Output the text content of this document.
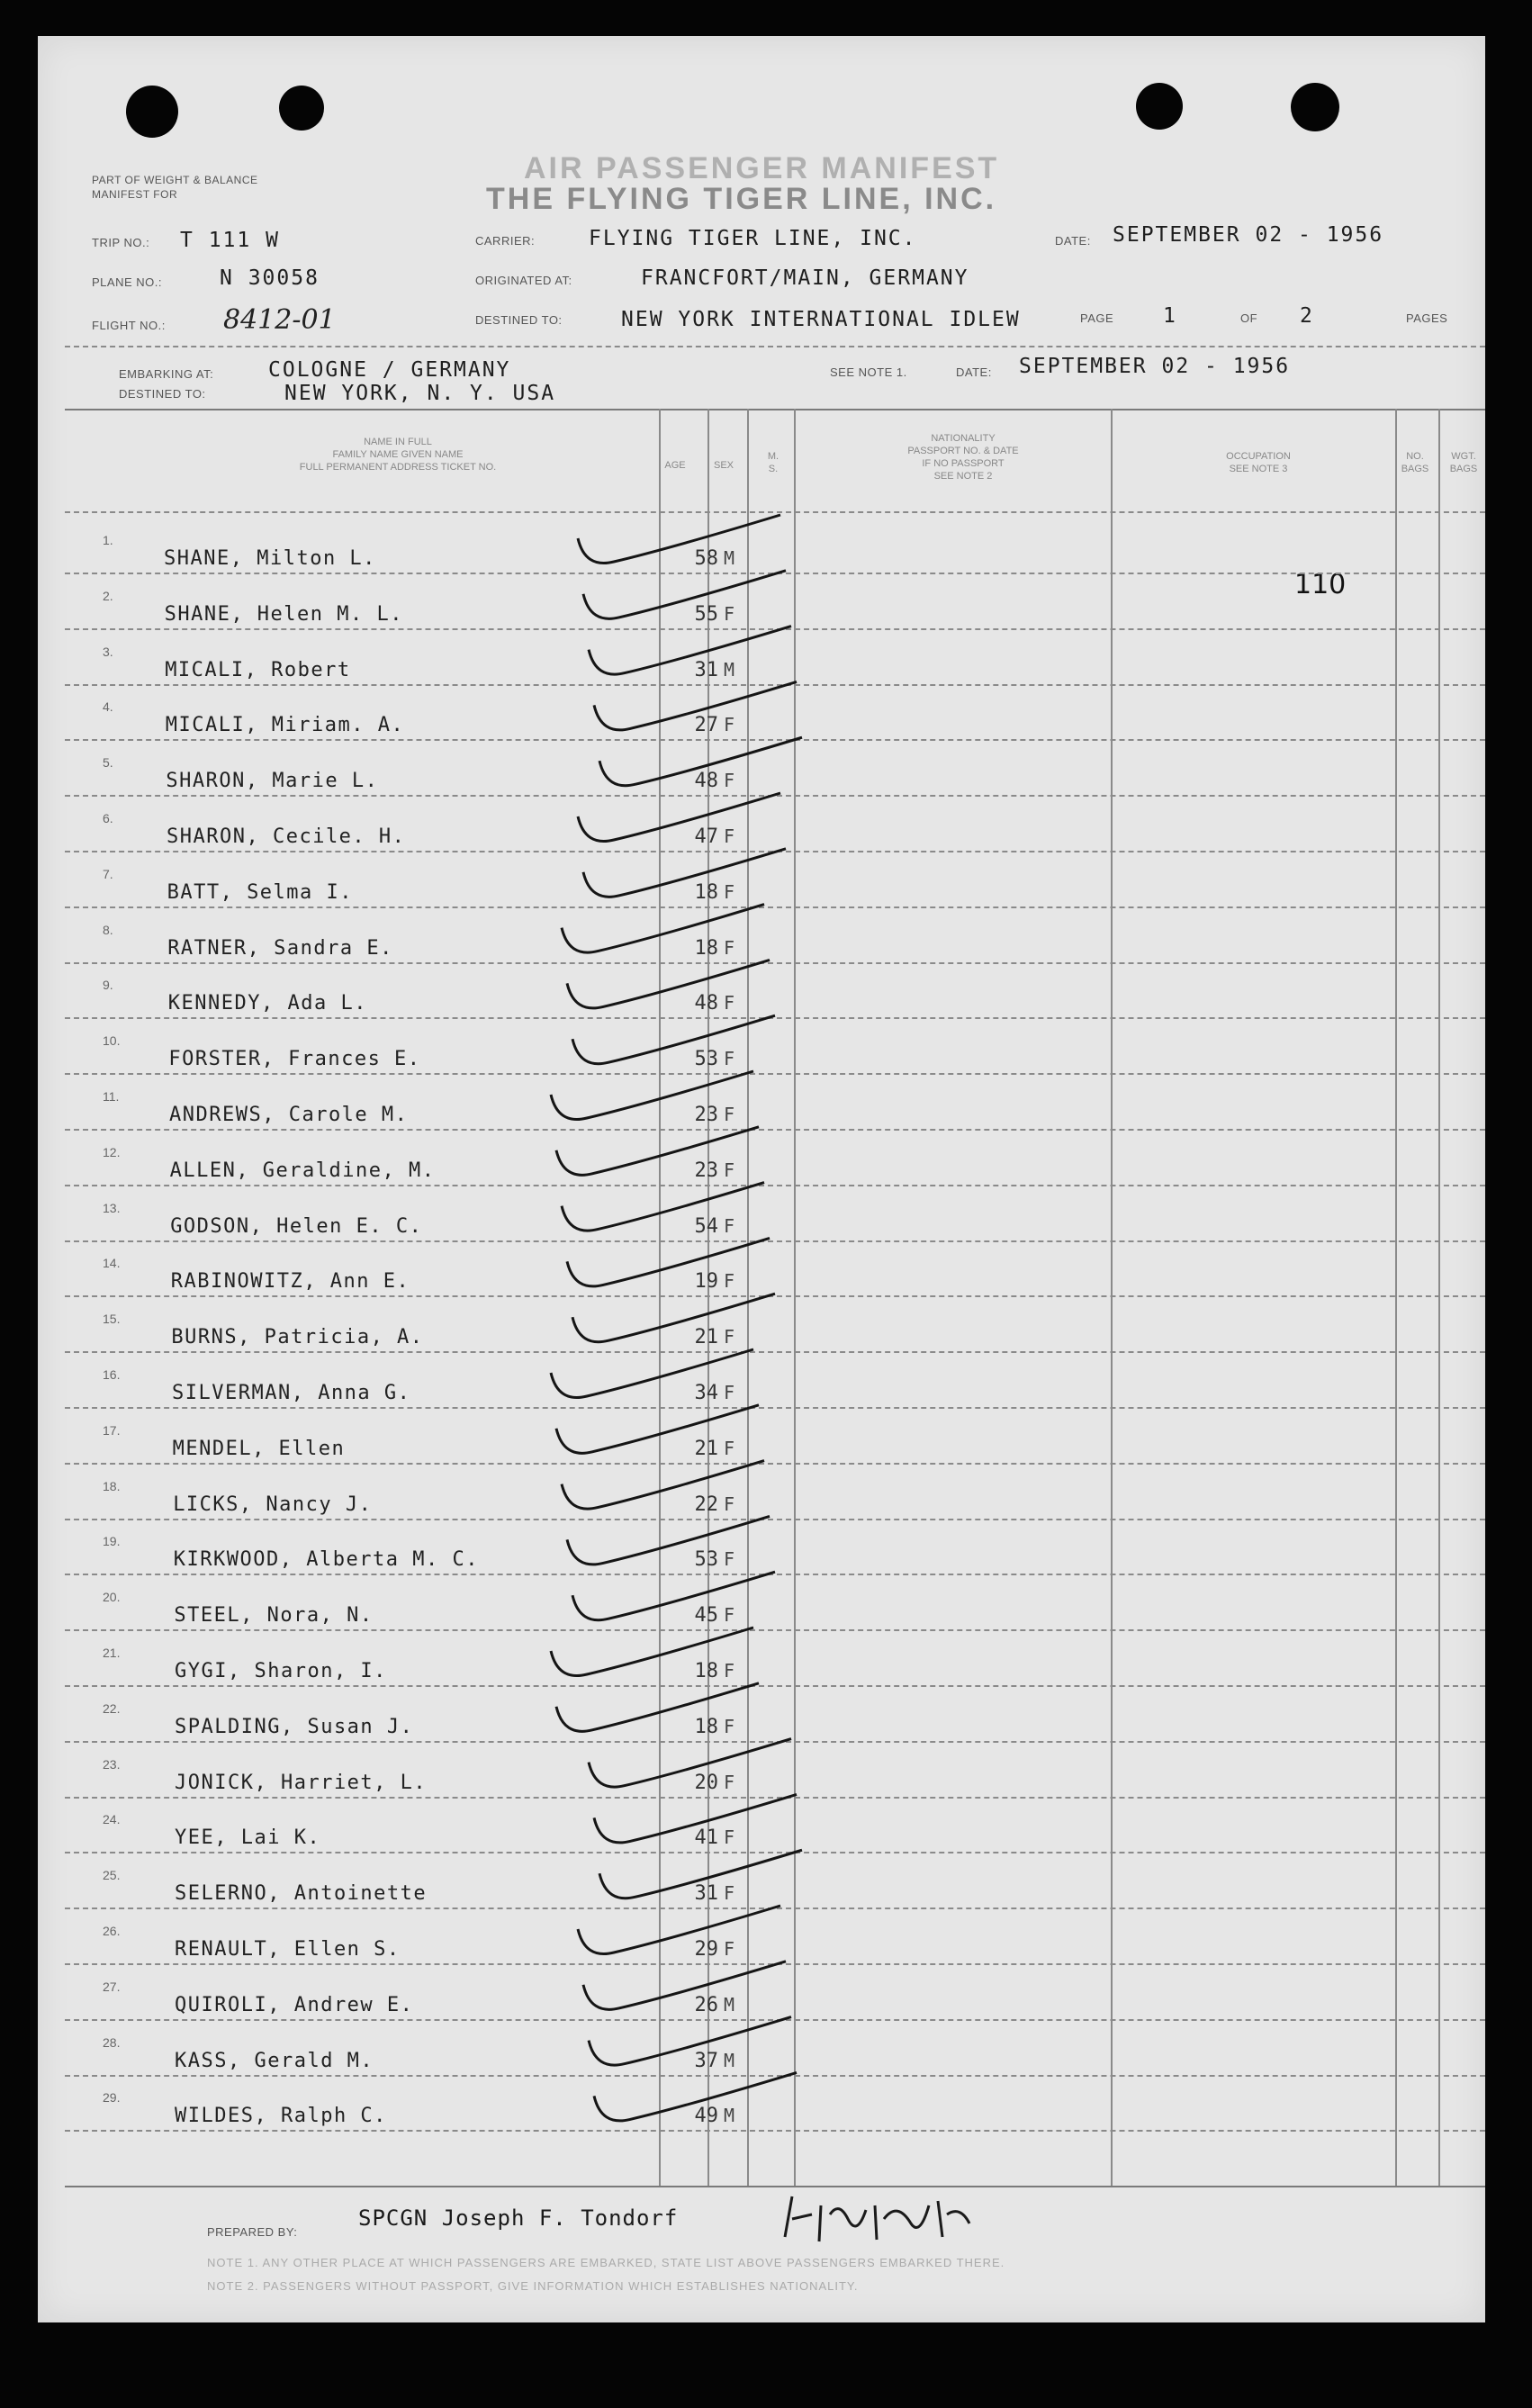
PART OF WEIGHT & BALANCE MANIFEST FOR
AIR PASSENGER MANIFEST
THE FLYING TIGER LINE, INC.
TRIP NO.: T 111 W
PLANE NO.:	N 30058
FLIGHT NO.: 8412-01
CARRIER:	FLYING TIGER LINE, INC.
ORIGINATED AT:	FRANCFORT/MAIN, GERMANY
DESTINED TO:	NEW YORK INTERNATIONAL IDLEW
DATE: SEPTEMBER 02 - 1956
PAGE 1	OF 2	PAGES
EMBARKING AT:	COLOGNE / GERMANY
DESTINED TO:	NEW YORK, N. Y. USA
SEE NOTE 1.	DATE: SEPTEMBER 02 - 1956
NAME IN FULL
FAMILY NAME GIVEN NAME
FULL PERMANENT ADDRESS TICKET NO.	AGE	SEX
M.
S.
NATIONALITY
PASSPORT NO. & DATE
IF NO PASSPORT
SEE NOTE 2
OCCUPATION
SEE NOTE 3
NO.
BAGS
WGT.
BAGS
110
1.
SHANE, Milton L.	58 M
2.
SHANE, Helen M. L.	55 F
3.
MICALI, Robert	31 M
4.
MICALI, Miriam. A.	27 F
5.
SHARON, Marie L.	48 F
6.
SHARON, Cecile. H.	47 F
7.
BATT, Selma I.	18 F
8.
RATNER, Sandra E.	18 F
9.
KENNEDY, Ada L.	48 F
10.
FORSTER, Frances E.	53 F
11.
ANDREWS, Carole M.	23 F
12.
ALLEN, Geraldine, M.	23 F
13.
GODSON, Helen E. C.	54 F
14.
RABINOWITZ, Ann E.	19 F
15.
BURNS, Patricia, A.	21 F
16.
SILVERMAN, Anna G.	34 F
17.
MENDEL, Ellen	21 F
18.
LICKS, Nancy J.	22 F
19.
KIRKWOOD, Alberta M. C.	53 F
20.
STEEL, Nora, N.	45 F
21.
GYGI, Sharon, I.	18 F
22.
SPALDING, Susan J.	18 F
23.
JONICK, Harriet, L.	20 F
24.
YEE, Lai K.	41 F
25.
SELERNO, Antoinette	31 F
26.
RENAULT, Ellen S.	29 F
27.
QUIROLI, Andrew E.	26 M
28.
KASS, Gerald M.	37 M
29.
WILDES, Ralph C.	49 M
PREPARED BY:
SPCGN Joseph F. Tondorf
NOTE 1. ANY OTHER PLACE AT WHICH PASSENGERS ARE EMBARKED, STATE LIST ABOVE PASSENGERS EMBARKED THERE.
NOTE 2. PASSENGERS WITHOUT PASSPORT, GIVE INFORMATION WHICH ESTABLISHES NATIONALITY.
